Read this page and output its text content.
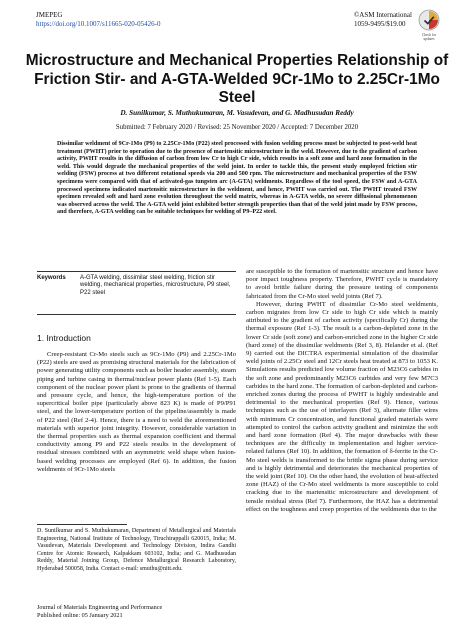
JMEPEG
https://doi.org/10.1007/s11665-020-05426-0
©ASM International
1059-9495/$19.00
Check for updates
Microstructure and Mechanical Properties Relationship of Friction Stir- and A-GTA-Welded 9Cr-1Mo to 2.25Cr-1Mo Steel
D. Sunilkumar, S. Muthukumaran, M. Vasudevan, and G. Madhusudan Reddy
Submitted: 7 February 2020 / Revised: 25 November 2020 / Accepted: 7 December 2020
Dissimilar weldment of 9Cr-1Mo (P9) to 2.25Cr-1Mo (P22) steel processed with fusion welding process must be subjected to post-weld heat treatment (PWHT) prior to operation due to the presence of martensitic microstructure in the weld. However, due to the gradient of carbon activity, PWHT results in the diffusion of carbon from low Cr to high Cr side, which results in a soft zone and hard zone formation in the weld. This would degrade the mechanical properties of the weld joint. In order to tackle this, the present study employed friction stir welding (FSW) process at two different rotational speeds via 200 and 500 rpm. The microstructure and mechanical properties of the FSW specimens were compared with that of activated-gas tungsten arc (A-GTA) weldments. Regardless of the tool speed, the FSW and A-GTA processed specimens indicated martensitic microstructure in the weldment, and hence, PWHT was carried out. The PWHT treated FSW specimen revealed soft and hard zone evolution throughout the weld matrix, whereas in A-GTA welds, no severe diffusional phenomenon was observed across the weld. The A-GTA weld joint exhibited better strength properties than that of the weld joint made by FSW process, and therefore, A-GTA welding can be suitable techniques for welding of P9–P22 steel.
Keywords A-GTA welding, dissimilar steel welding, friction stir welding, mechanical properties, microstructure, P9 steel, P22 steel
1. Introduction
Creep-resistant Cr-Mo steels such as 9Cr-1Mo (P9) and 2.25Cr-1Mo (P22) steels are used as promising structural materials for the fabrication of power generating utility components such as boiler header assembly, steam piping and turbine casing in thermal/nuclear power plants (Ref 1-5). Each component of the nuclear power plant is prone to the gradients of thermal and pressure cycle, and hence, the high-temperature portion of the supercritical boiler pipe (particularly above 823 K) is made of P9/P91 steel, and the lower-temperature portion of the pipeline/assembly is made of P22 steel (Ref 2-4). Hence, there is a need to weld the aforementioned materials with superior joint integrity. However, considerable variation in the thermal properties such as thermal expansion coefficient and thermal conductivity among P9 and P22 steels results in the development of residual stresses combined with an asymmetric weld shape when fusion-based welding processes are employed (Ref 6). In addition, the fusion weldments of 9Cr-1Mo steels
D. Sunilkumar and S. Muthukumaran, Department of Metallurgical and Materials Engineering, National Institute of Technology, Tiruchirappalli 620015, India; M. Vasudevan, Materials Development and Technology Division, Indira Gandhi Centre for Atomic Research, Kalpakkam 603102, India; and G. Madhusudan Reddy, Material Joining Group, Defence Metallurgical Research Laboratory, Hyderabad 500058, India. Contact e-mail: smuthu@nitt.edu.

are susceptible to the formation of martensitic structure and hence have poor impact toughness property. Therefore, PWHT cycle is mandatory to avoid brittle failure during the pressure testing of components fabricated from the Cr-Mo steel weld joints (Ref 7).

However, during PWHT of dissimilar Cr-Mo steel weldments, carbon migrates from low Cr side to high Cr side which is mainly attributed to the gradient of carbon activity (specifically Cr) during the thermal exposure (Ref 1-3). The result is a carbon-depleted zone in the lower Cr side (soft zone) and carbon-enriched zone in the higher Cr side (hard zone) of the dissimilar weldments (Ref 3, 8). Helander et al. (Ref 9) carried out the DICTRA experimental simulation of the dissimilar weld joints of 2.25Cr steel and 12Cr steels heat treated at 873 to 1053 K. Simulations results predicted low volume fraction of M23C6 carbides in the soft zone and predominantly M23C6 carbides and very few M7C3 carbides in the hard zone. The formation of carbon-depleted and carbon-enriched zones during the process of PWHT is highly undesirable and detrimental to the mechanical properties (Ref 9). Hence, various techniques such as the use of interlayers (Ref 3), alternate filler wires with minimum Cr concentration, and functional graded materials were attempted to control the carbon activity gradient and minimize the soft and hard zone formation (Ref 4). The major drawbacks with these techniques are the difficulty in implementation and higher service-related failures (Ref 10). In addition, the formation of δ-ferrite in the Cr-Mo steel welds is transformed to the brittle sigma phase during service and is highly detrimental and deteriorates the mechanical properties of the weld joint (Ref 10). On the other hand, the evolution of heat-affected zone (HAZ) of the Cr-Mo steel weldments is more susceptible to cold cracking due to the martensitic microstructure and development of tensile residual stress (Ref 7). Furthermore, the HAZ has a detrimental effect on the toughness and creep properties of the weldments due to the

Journal of Materials Engineering and Performance
Published online: 05 January 2021
